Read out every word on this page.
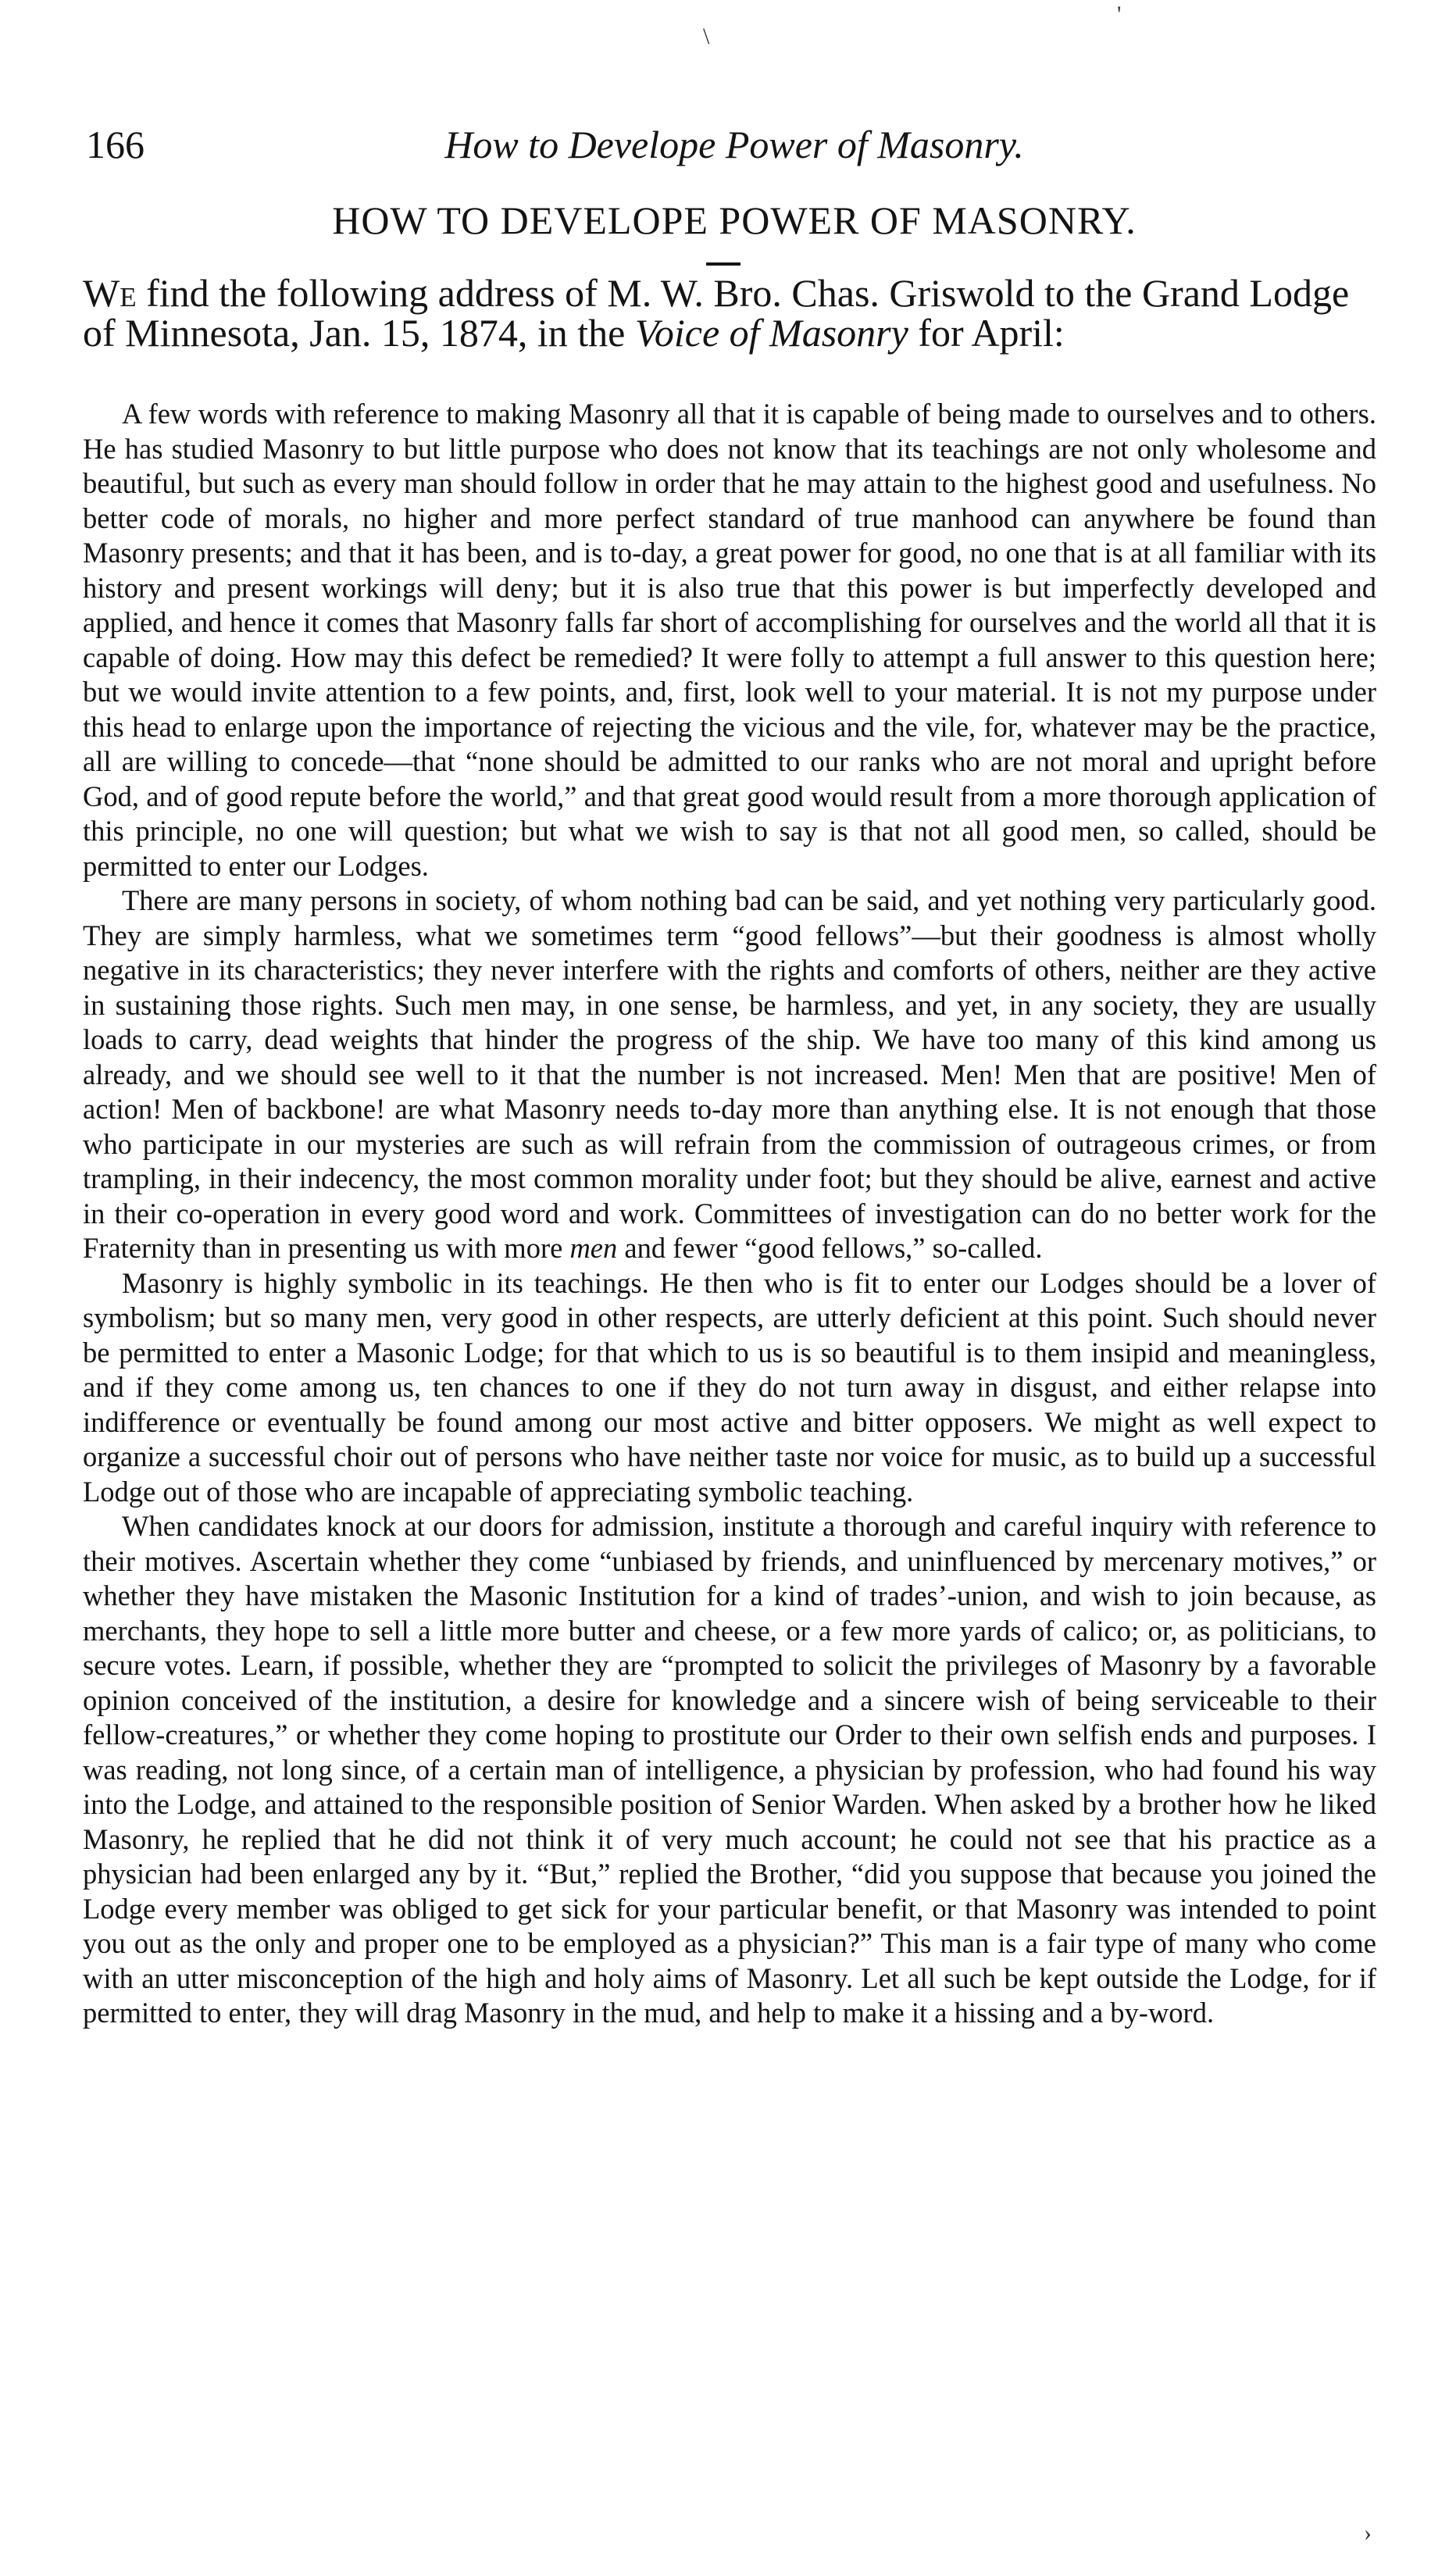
\
'
166	How to Develope Power of Masonry.
HOW TO DEVELOPE POWER OF MASONRY.

We find the following address of M. W. Bro. Chas. Griswold to the Grand Lodge of Minnesota, Jan. 15, 1874, in the Voice of Masonry for April:

A few words with reference to making Masonry all that it is capable of being made to ourselves and to others. He has studied Masonry to but little purpose who does not know that its teachings are not only wholesome and beautiful, but such as every man should follow in order that he may attain to the highest good and usefulness. No better code of morals, no higher and more perfect standard of true manhood can anywhere be found than Masonry presents; and that it has been, and is to-day, a great power for good, no one that is at all familiar with its history and present workings will deny; but it is also true that this power is but imperfectly developed and applied, and hence it comes that Masonry falls far short of accomplishing for ourselves and the world all that it is capable of doing. How may this defect be remedied? It were folly to attempt a full answer to this question here; but we would invite attention to a few points, and, first, look well to your material. It is not my purpose under this head to enlarge upon the importance of rejecting the vicious and the vile, for, whatever may be the practice, all are willing to concede—that “none should be admitted to our ranks who are not moral and upright before God, and of good repute before the world,” and that great good would result from a more thorough application of this principle, no one will question; but what we wish to say is that not all good men, so called, should be permitted to enter our Lodges.

There are many persons in society, of whom nothing bad can be said, and yet nothing very particularly good. They are simply harmless, what we sometimes term “good fellows”—but their goodness is almost wholly negative in its characteristics; they never interfere with the rights and comforts of others, neither are they active in sustaining those rights. Such men may, in one sense, be harmless, and yet, in any society, they are usually loads to carry, dead weights that hinder the progress of the ship. We have too many of this kind among us already, and we should see well to it that the number is not increased. Men! Men that are positive! Men of action! Men of backbone! are what Masonry needs to-day more than anything else. It is not enough that those who participate in our mysteries are such as will refrain from the commission of outrageous crimes, or from trampling, in their indecency, the most common morality under foot; but they should be alive, earnest and active in their co-operation in every good word and work. Committees of investigation can do no better work for the Fraternity than in presenting us with more men and fewer “good fellows,” so-called.

Masonry is highly symbolic in its teachings. He then who is fit to enter our Lodges should be a lover of symbolism; but so many men, very good in other respects, are utterly deficient at this point. Such should never be permitted to enter a Masonic Lodge; for that which to us is so beautiful is to them insipid and meaningless, and if they come among us, ten chances to one if they do not turn away in disgust, and either relapse into indifference or eventually be found among our most active and bitter opposers. We might as well expect to organize a successful choir out of persons who have neither taste nor voice for music, as to build up a successful Lodge out of those who are incapable of appreciating symbolic teaching.

When candidates knock at our doors for admission, institute a thorough and careful inquiry with reference to their motives. Ascertain whether they come “unbiased by friends, and uninfluenced by mercenary motives,” or whether they have mistaken the Masonic Institution for a kind of trades’-union, and wish to join because, as merchants, they hope to sell a little more butter and cheese, or a few more yards of calico; or, as politicians, to secure votes. Learn, if possible, whether they are “prompted to solicit the privileges of Masonry by a favorable opinion conceived of the institution, a desire for knowledge and a sincere wish of being serviceable to their fellow-creatures,” or whether they come hoping to prostitute our Order to their own selfish ends and purposes. I was reading, not long since, of a certain man of intelligence, a physician by profession, who had found his way into the Lodge, and attained to the responsible position of Senior Warden. When asked by a brother how he liked Masonry, he replied that he did not think it of very much account; he could not see that his practice as a physician had been enlarged any by it. “But,” replied the Brother, “did you suppose that because you joined the Lodge every member was obliged to get sick for your particular benefit, or that Masonry was intended to point you out as the only and proper one to be employed as a physician?” This man is a fair type of many who come with an utter misconception of the high and holy aims of Masonry. Let all such be kept outside the Lodge, for if permitted to enter, they will drag Masonry in the mud, and help to make it a hissing and a by-word.

›
